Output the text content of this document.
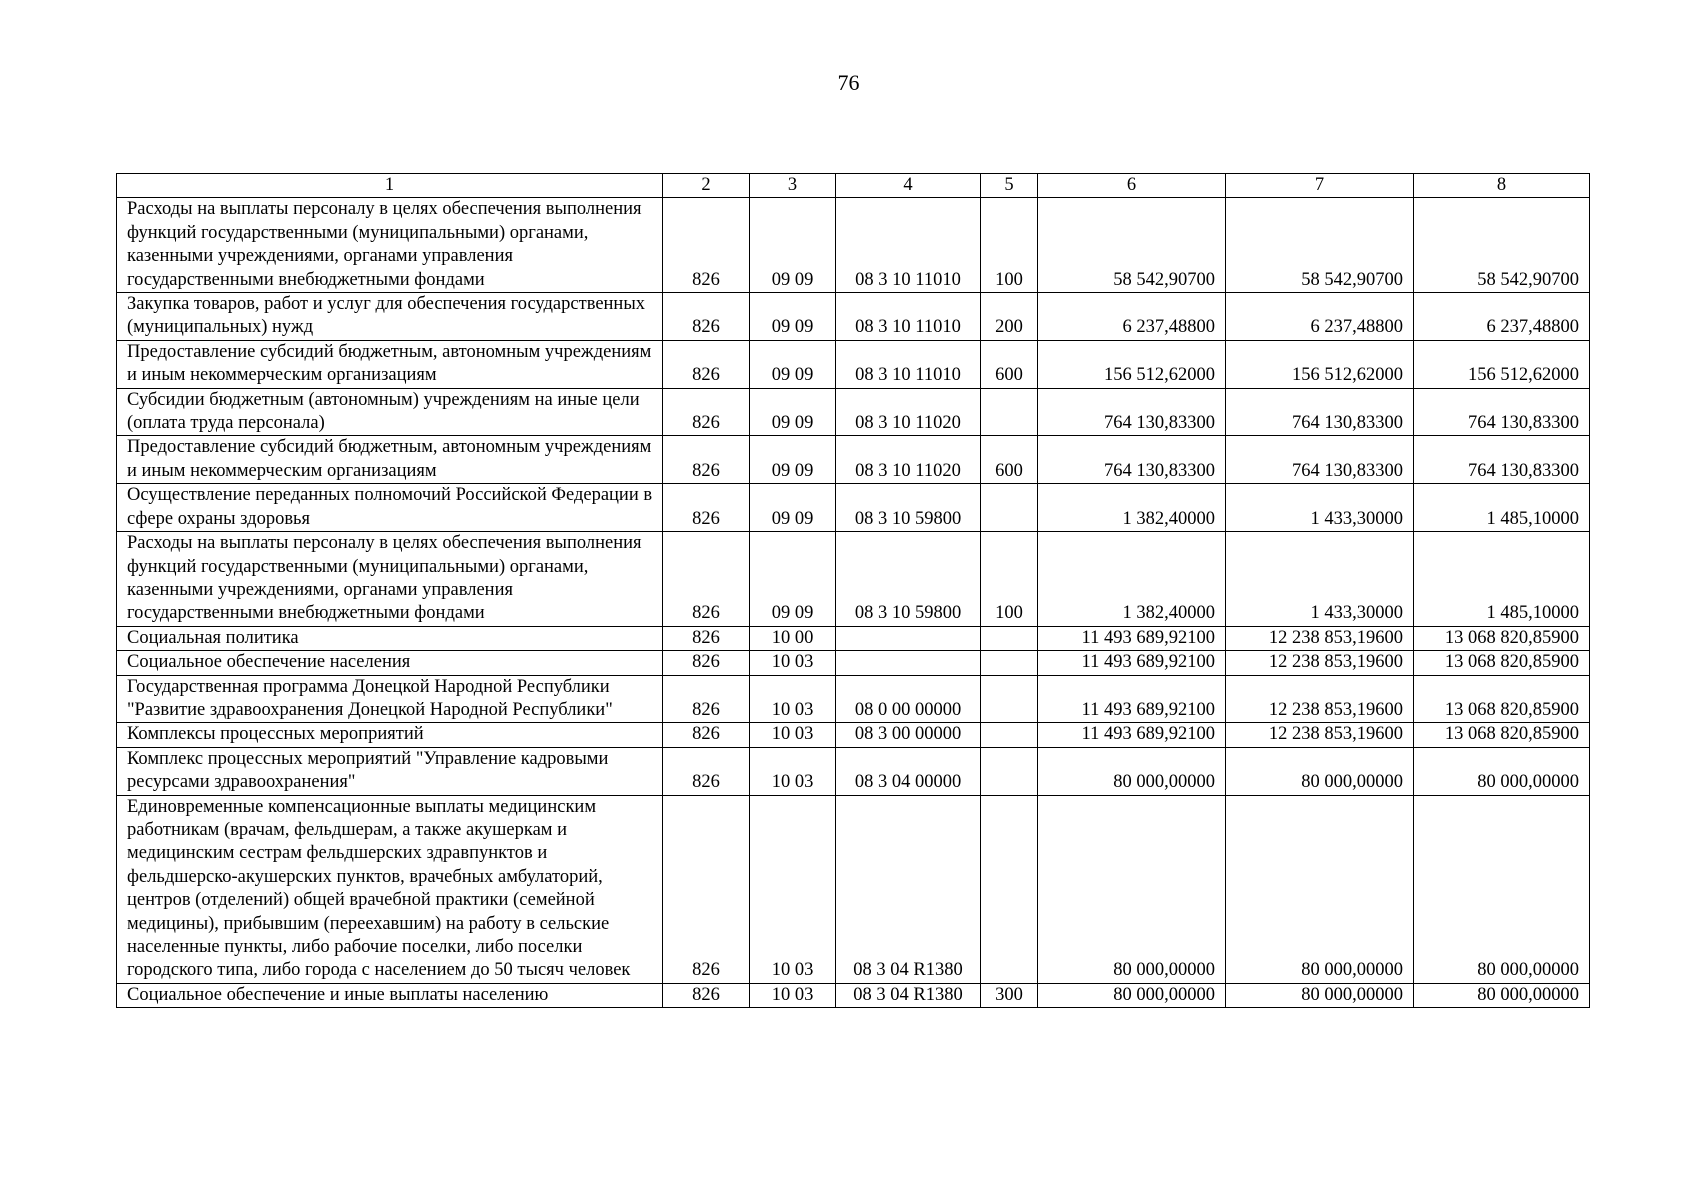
76
1	2	3	4	5	6	7	8
Расходы на выплаты персоналу в целях обеспечения выполнения функций государственными (муниципальными) органами, казенными учреждениями, органами управления государственными внебюджетными фондами	826	09 09	08 3 10 11010	100	58 542,90700	58 542,90700	58 542,90700
Закупка товаров, работ и услуг для обеспечения государственных (муниципальных) нужд	826	09 09	08 3 10 11010	200	6 237,48800	6 237,48800	6 237,48800
Предоставление субсидий бюджетным, автономным учреждениям и иным некоммерческим организациям	826	09 09	08 3 10 11010	600	156 512,62000	156 512,62000	156 512,62000
Субсидии бюджетным (автономным) учреждениям на иные цели (оплата труда персонала)	826	09 09	08 3 10 11020		764 130,83300	764 130,83300	764 130,83300
Предоставление субсидий бюджетным, автономным учреждениям и иным некоммерческим организациям	826	09 09	08 3 10 11020	600	764 130,83300	764 130,83300	764 130,83300
Осуществление переданных полномочий Российской Федерации в сфере охраны здоровья	826	09 09	08 3 10 59800		1 382,40000	1 433,30000	1 485,10000
Расходы на выплаты персоналу в целях обеспечения выполнения функций государственными (муниципальными) органами, казенными учреждениями, органами управления государственными внебюджетными фондами	826	09 09	08 3 10 59800	100	1 382,40000	1 433,30000	1 485,10000
Социальная политика	826	10 00			11 493 689,92100	12 238 853,19600	13 068 820,85900
Социальное обеспечение населения	826	10 03			11 493 689,92100	12 238 853,19600	13 068 820,85900
Государственная программа Донецкой Народной Республики "Развитие здравоохранения Донецкой Народной Республики"	826	10 03	08 0 00 00000		11 493 689,92100	12 238 853,19600	13 068 820,85900
Комплексы процессных мероприятий	826	10 03	08 3 00 00000		11 493 689,92100	12 238 853,19600	13 068 820,85900
Комплекс процессных мероприятий "Управление кадровыми ресурсами здравоохранения"	826	10 03	08 3 04 00000		80 000,00000	80 000,00000	80 000,00000
Единовременные компенсационные выплаты медицинским работникам (врачам, фельдшерам, а также акушеркам и медицинским сестрам фельдшерских здравпунктов и фельдшерско-акушерских пунктов, врачебных амбулаторий, центров (отделений) общей врачебной практики (семейной медицины), прибывшим (переехавшим) на работу в сельские населенные пункты, либо рабочие поселки, либо поселки городского типа, либо города с населением до 50 тысяч человек	826	10 03	08 3 04 R1380		80 000,00000	80 000,00000	80 000,00000
Социальное обеспечение и иные выплаты населению	826	10 03	08 3 04 R1380	300	80 000,00000	80 000,00000	80 000,00000
